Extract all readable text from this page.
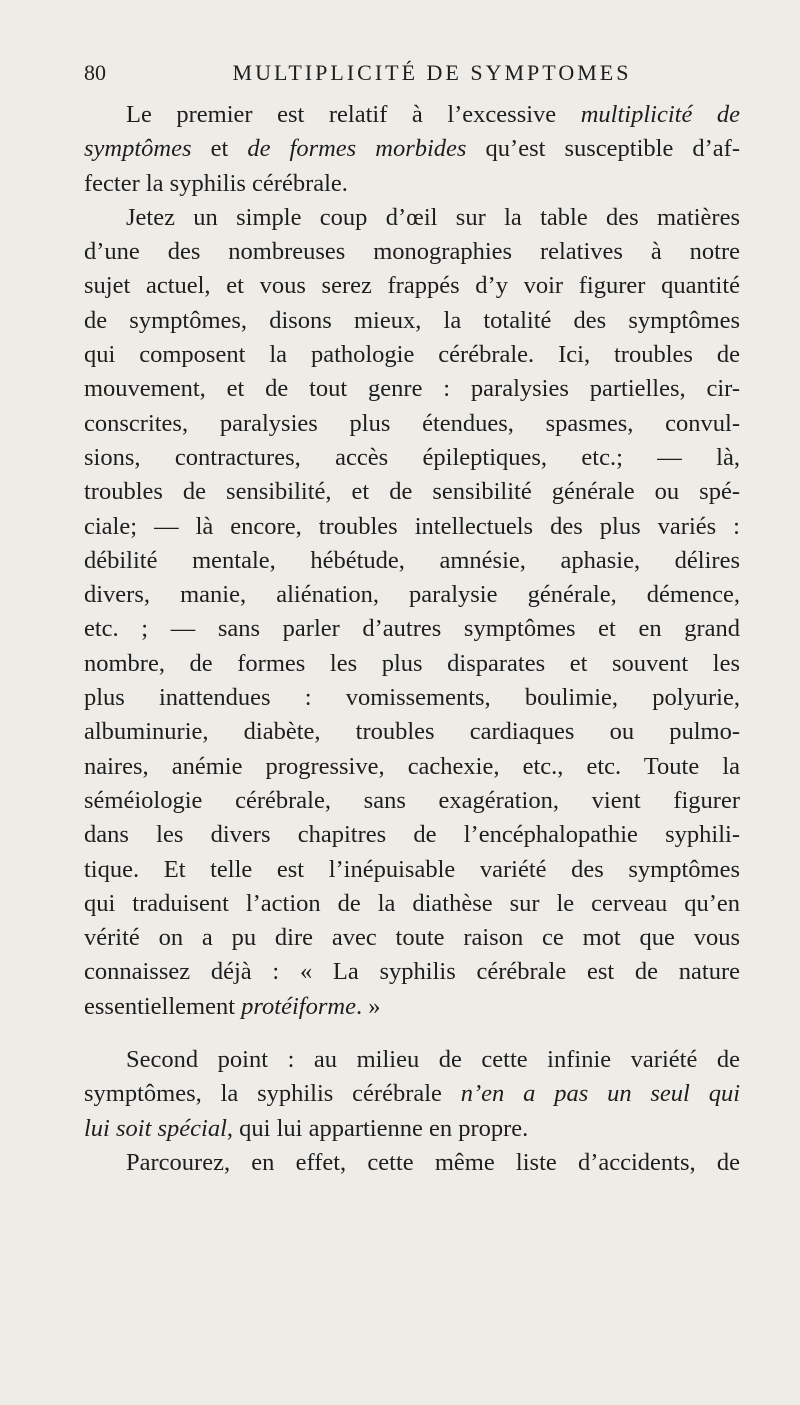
80	MULTIPLICITÉ DE SYMPTOMES
Le premier est relatif à l’excessive multiplicité de
symptômes et de formes morbides qu’est susceptible d’af-
fecter la syphilis cérébrale.
Jetez un simple coup d’œil sur la table des matières
d’une des nombreuses monographies relatives à notre
sujet actuel, et vous serez frappés d’y voir figurer quantité
de symptômes, disons mieux, la totalité des symptômes
qui composent la pathologie cérébrale. Ici, troubles de
mouvement, et de tout genre : paralysies partielles, cir-
conscrites, paralysies plus étendues, spasmes, convul-
sions, contractures, accès épileptiques, etc.; — là,
troubles de sensibilité, et de sensibilité générale ou spé-
ciale; — là encore, troubles intellectuels des plus variés :
débilité mentale, hébétude, amnésie, aphasie, délires
divers, manie, aliénation, paralysie générale, démence,
etc. ; — sans parler d’autres symptômes et en grand
nombre, de formes les plus disparates et souvent les
plus inattendues : vomissements, boulimie, polyurie,
albuminurie, diabète, troubles cardiaques ou pulmo-
naires, anémie progressive, cachexie, etc., etc. Toute la
séméiologie cérébrale, sans exagération, vient figurer
dans les divers chapitres de l’encéphalopathie syphili-
tique. Et telle est l’inépuisable variété des symptômes
qui traduisent l’action de la diathèse sur le cerveau qu’en
vérité on a pu dire avec toute raison ce mot que vous
connaissez déjà : « La syphilis cérébrale est de nature
essentiellement protéiforme. »
Second point : au milieu de cette infinie variété de
symptômes, la syphilis cérébrale n’en a pas un seul qui
lui soit spécial, qui lui appartienne en propre.
Parcourez, en effet, cette même liste d’accidents, de
